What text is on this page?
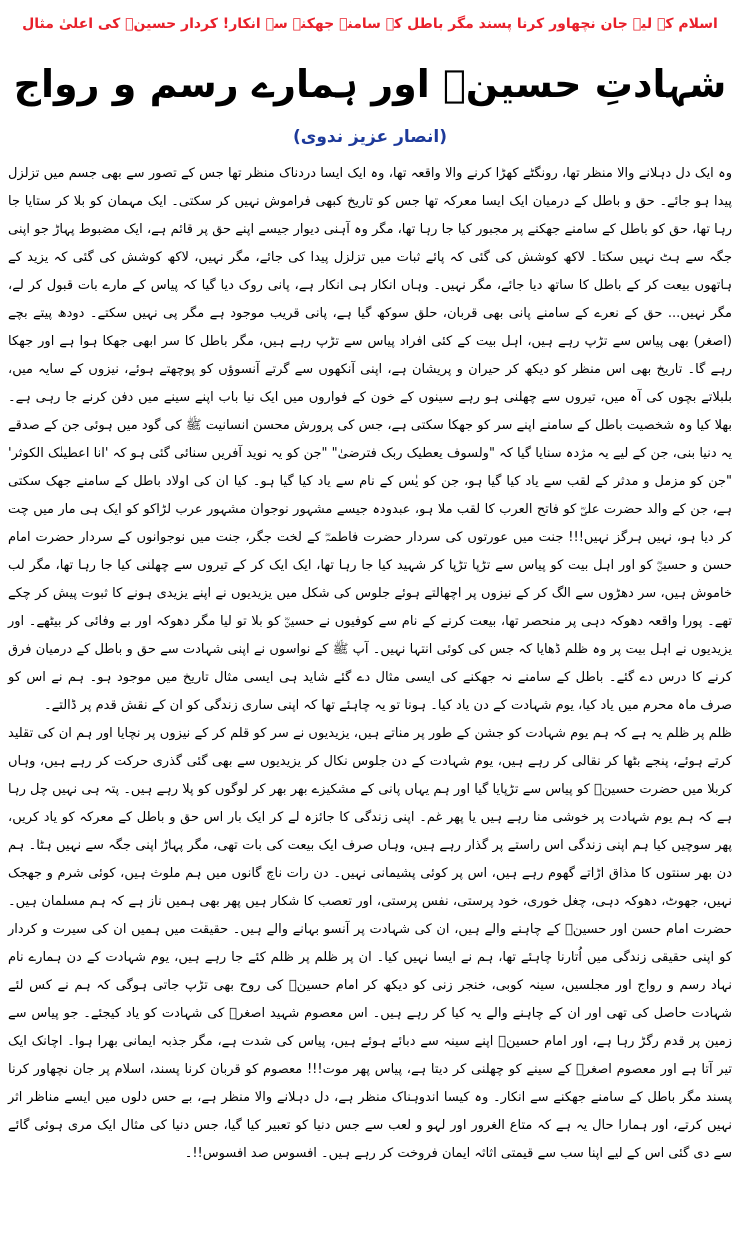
اسلام کے لیے جان نچھاور کرنا پسند مگر باطل کے سامنے جھکنے سے انکار! کردار حسینؓ کی اعلیٰ مثال
شہادتِ حسینؓ اور ہمارے رسم و رواج
(انصار عزیز ندوی)

وہ ایک دل دہلانے والا منظر تھا، رونگٹے کھڑا کرنے والا واقعہ تھا، وہ ایک ایسا دردناک منظر تھا جس کے تصور سے بھی جسم میں تزلزل پیدا ہو جائے۔ حق و باطل کے درمیان ایک ایسا معرکہ تھا جس کو تاریخ کبھی فراموش نہیں کر سکتی۔ ایک مہمان کو بلا کر ستایا جا رہا تھا، حق کو باطل کے سامنے جھکنے پر مجبور کیا جا رہا تھا، مگر وہ آہنی دیوار جیسے اپنے حق پر قائم ہے، ایک مضبوط پہاڑ جو اپنی جگہ سے ہٹ نہیں سکتا۔ لاکھ کوشش کی گئی کہ پائے ثبات میں تزلزل پیدا کی جائے، مگر نہیں، لاکھ کوشش کی گئی کہ یزید کے ہاتھوں بیعت کر کے باطل کا ساتھ دیا جائے، مگر نہیں۔ وہاں انکار ہی انکار ہے، پانی روک دیا گیا کہ پیاس کے مارے بات قبول کر لے، مگر نہیں... حق کے نعرے کے سامنے پانی بھی قربان، حلق سوکھ گیا ہے، پانی قریب موجود ہے مگر پی نہیں سکتے۔ دودھ پیتے بچے (اصغر) بھی پیاس سے تڑپ رہے ہیں، اہل بیت کے کئی افراد پیاس سے تڑپ رہے ہیں، مگر باطل کا سر ابھی جھکا ہوا ہے اور جھکا رہے گا۔ تاریخ بھی اس منظر کو دیکھ کر حیران و پریشان ہے، اپنی آنکھوں سے گرتے آنسوؤں کو پوچھتے ہوئے، نیزوں کے سایہ میں، بلبلاتے بچوں کی آہ میں، تیروں سے چھلنی ہو رہے سینوں کے خون کے فواروں میں ایک نیا باب اپنے سینے میں دفن کرنے جا رہی ہے۔ بھلا کیا وہ شخصیت باطل کے سامنے اپنے سر کو جھکا سکتی ہے، جس کی پرورش محسن انسانیت ﷺ کی گود میں ہوئی جن کے صدقے یہ دنیا بنی، جن کے لیے یہ مژدہ سنایا گیا کہ "ولسوف یعطیک ربک فترضیٰ" "جن کو یہ نوید آفریں سنائی گئی ہو کہ 'انا اعطینٰک الکوثر' "جن کو مزمل و مدثر کے لقب سے یاد کیا گیا ہو، جن کو یٰس کے نام سے یاد کیا گیا ہو۔ کیا ان کی اولاد باطل کے سامنے جھک سکتی ہے، جن کے والد حضرت علیؓ کو فاتح العرب کا لقب ملا ہو، عبدودہ جیسے مشہور نوجوان مشہور عرب لڑاکو کو ایک ہی مار میں چت کر دیا ہو، نہیں ہرگز نہیں!!! جنت میں عورتوں کی سردار حضرت فاطمہؓ کے لخت جگر، جنت میں نوجوانوں کے سردار حضرت امام حسن و حسینؓ کو اور اہل بیت کو پیاس سے تڑپا تڑپا کر شہید کیا جا رہا تھا، ایک ایک کر کے تیروں سے چھلنی کیا جا رہا تھا، مگر لب خاموش ہیں، سر دھڑوں سے الگ کر کے نیزوں پر اچھالتے ہوئے جلوس کی شکل میں یزیدیوں نے اپنے یزیدی ہونے کا ثبوت پیش کر چکے تھے۔ پورا واقعہ دھوکہ دہی پر منحصر تھا، بیعت کرنے کے نام سے کوفیوں نے حسینؓ کو بلا تو لیا مگر دھوکہ اور بے وفائی کر بیٹھے۔ اور یزیدیوں نے اہل بیت پر وہ ظلم ڈھایا کہ جس کی کوئی انتہا نہیں۔ آپ ﷺ کے نواسوں نے اپنی شہادت سے حق و باطل کے درمیان فرق کرنے کا درس دے گئے۔ باطل کے سامنے نہ جھکنے کی ایسی مثال دے گئے شاید ہی ایسی مثال تاریخ میں موجود ہو۔ ہم نے اس کو صرف ماہ محرم میں یاد کیا، یوم شہادت کے دن یاد کیا۔ ہونا تو یہ چاہئے تھا کہ اپنی ساری زندگی کو ان کے نقش قدم پر ڈالتے۔

ظلم پر ظلم یہ ہے کہ ہم یوم شہادت کو جشن کے طور پر مناتے ہیں، یزیدیوں نے سر کو قلم کر کے نیزوں پر نچایا اور ہم ان کی تقلید کرتے ہوئے، پنجے بٹھا کر نقالی کر رہے ہیں، یوم شہادت کے دن جلوس نکال کر یزیدیوں سے بھی گئی گذری حرکت کر رہے ہیں، وہاں کربلا میں حضرت حسینؓ کو پیاس سے تڑپایا گیا اور ہم یہاں پانی کے مشکیزے بھر بھر کر لوگوں کو پلا رہے ہیں۔ پتہ ہی نہیں چل رہا ہے کہ ہم یوم شہادت پر خوشی منا رہے ہیں یا پھر غم۔ اپنی زندگی کا جائزہ لے کر ایک بار اس حق و باطل کے معرکہ کو یاد کریں، پھر سوچیں کیا ہم اپنی زندگی اس راستے پر گذار رہے ہیں، وہاں صرف ایک بیعت کی بات تھی، مگر پہاڑ اپنی جگہ سے نہیں ہٹا۔ ہم دن بھر سنتوں کا مذاق اڑاتے گھوم رہے ہیں، اس پر کوئی پشیمانی نہیں۔ دن رات ناچ گانوں میں ہم ملوث ہیں، کوئی شرم و جھجک نہیں، جھوٹ، دھوکہ دہی، چغل خوری، خود پرستی، نفس پرستی، اور تعصب کا شکار ہیں پھر بھی ہمیں ناز ہے کہ ہم مسلمان ہیں۔ حضرت امام حسن اور حسینؓ کے چاہنے والے ہیں، ان کی شہادت پر آنسو بہانے والے ہیں۔ حقیقت میں ہمیں ان کی سیرت و کردار کو اپنی حقیقی زندگی میں اُتارنا چاہئے تھا، ہم نے ایسا نہیں کیا۔ ان پر ظلم پر ظلم کئے جا رہے ہیں، یوم شہادت کے دن ہمارے نام نہاد رسم و رواج اور مجلسیں، سینہ کوبی، خنجر زنی کو دیکھ کر امام حسینؓ کی روح بھی تڑپ جاتی ہوگی کہ ہم نے کس لئے شہادت حاصل کی تھی اور ان کے چاہنے والے یہ کیا کر رہے ہیں۔ اس معصوم شہید اصغرؓ کی شہادت کو یاد کیجئے۔ جو پیاس سے زمین پر قدم رگڑ رہا ہے، اور امام حسینؓ اپنے سینہ سے دبائے ہوئے ہیں، پیاس کی شدت ہے، مگر جذبہ ایمانی بھرا ہوا۔ اچانک ایک تیر آتا ہے اور معصوم اصغرؓ کے سینے کو چھلنی کر دیتا ہے، پیاس پھر موت!!! معصوم کو قربان کرنا پسند، اسلام پر جان نچھاور کرنا پسند مگر باطل کے سامنے جھکنے سے انکار۔ وہ کیسا اندوہناک منظر ہے، دل دہلانے والا منظر ہے، بے حس دلوں میں ایسے مناظر اثر نہیں کرتے، اور ہمارا حال یہ ہے کہ متاع الغرور اور لہو و لعب سے جس دنیا کو تعبیر کیا گیا، جس دنیا کی مثال ایک مری ہوئی گائے سے دی گئی اس کے لیے اپنا سب سے قیمتی اثاثہ ایمان فروخت کر رہے ہیں۔ افسوس صد افسوس!!۔
